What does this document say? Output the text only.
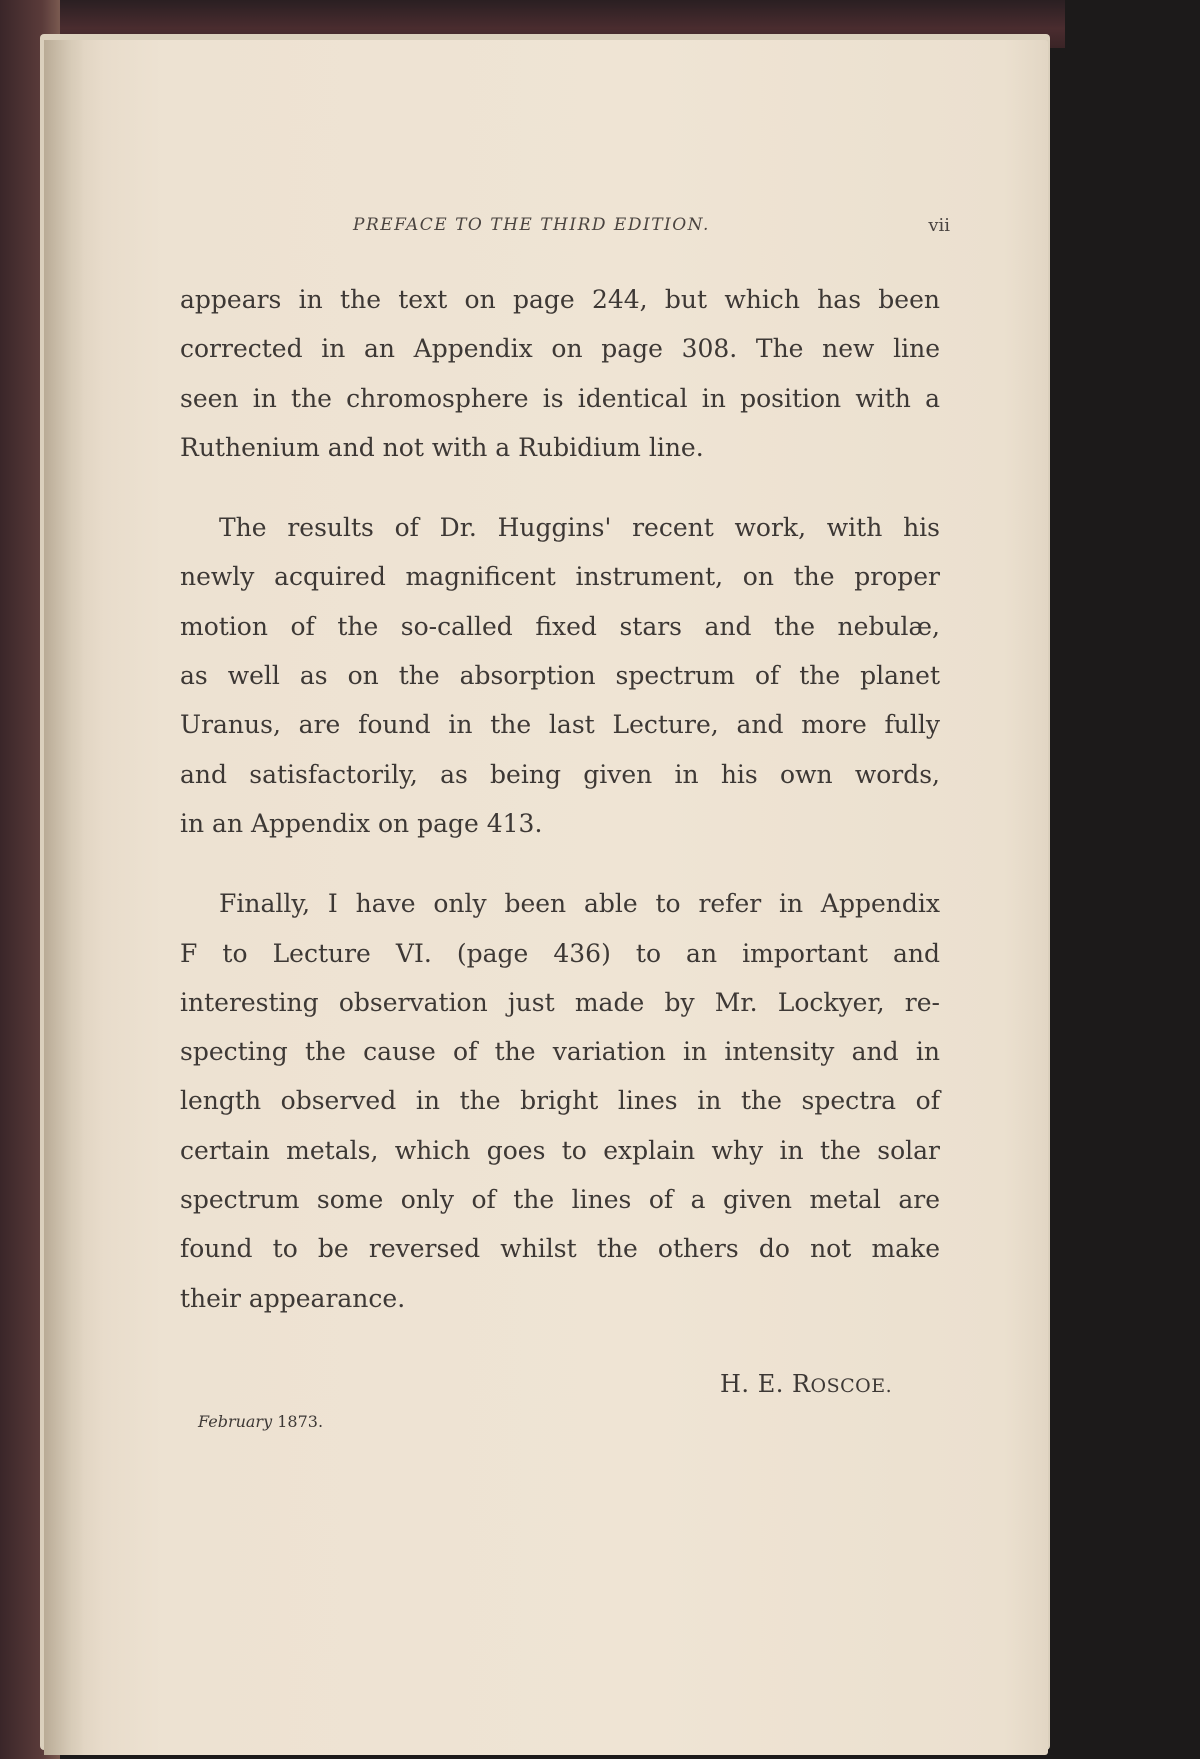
PREFACE TO THE THIRD EDITION.	vii
appears in the text on page 244, but which has been
corrected in an Appendix on page 308. The new line
seen in the chromosphere is identical in position with a
Ruthenium and not with a Rubidium line.
The results of Dr. Huggins' recent work, with his
newly acquired magnificent instrument, on the proper
motion of the so-called fixed stars and the nebulæ,
as well as on the absorption spectrum of the planet
Uranus, are found in the last Lecture, and more fully
and satisfactorily, as being given in his own words,
in an Appendix on page 413.
Finally, I have only been able to refer in Appendix
F to Lecture VI. (page 436) to an important and
interesting observation just made by Mr. Lockyer, re-
specting the cause of the variation in intensity and in
length observed in the bright lines in the spectra of
certain metals, which goes to explain why in the solar
spectrum some only of the lines of a given metal are
found to be reversed whilst the others do not make
their appearance.
H. E. ROSCOE.
February 1873.
